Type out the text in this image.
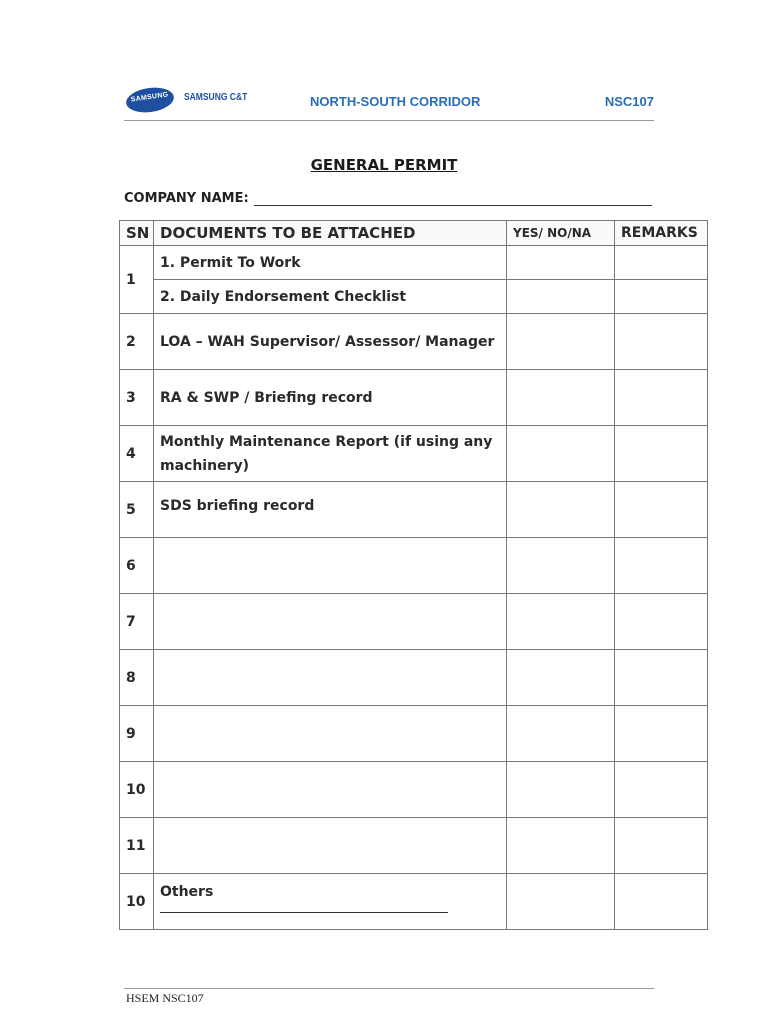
SAMSUNG	SAMSUNG C&T	NORTH-SOUTH CORRIDOR	NSC107
GENERAL PERMIT
COMPANY NAME:
SN	DOCUMENTS TO BE ATTACHED	YES/ NO/NA	REMARKS
1	1. Permit To Work		
	2. Daily Endorsement Checklist		
2	LOA – WAH Supervisor/ Assessor/ Manager		
3	RA & SWP / Briefing record		
4	Monthly Maintenance Report (if using any machinery)		
5	SDS briefing record		
6			
7			
8			
9			
10			
11			
10	Others

HSEM NSC107
